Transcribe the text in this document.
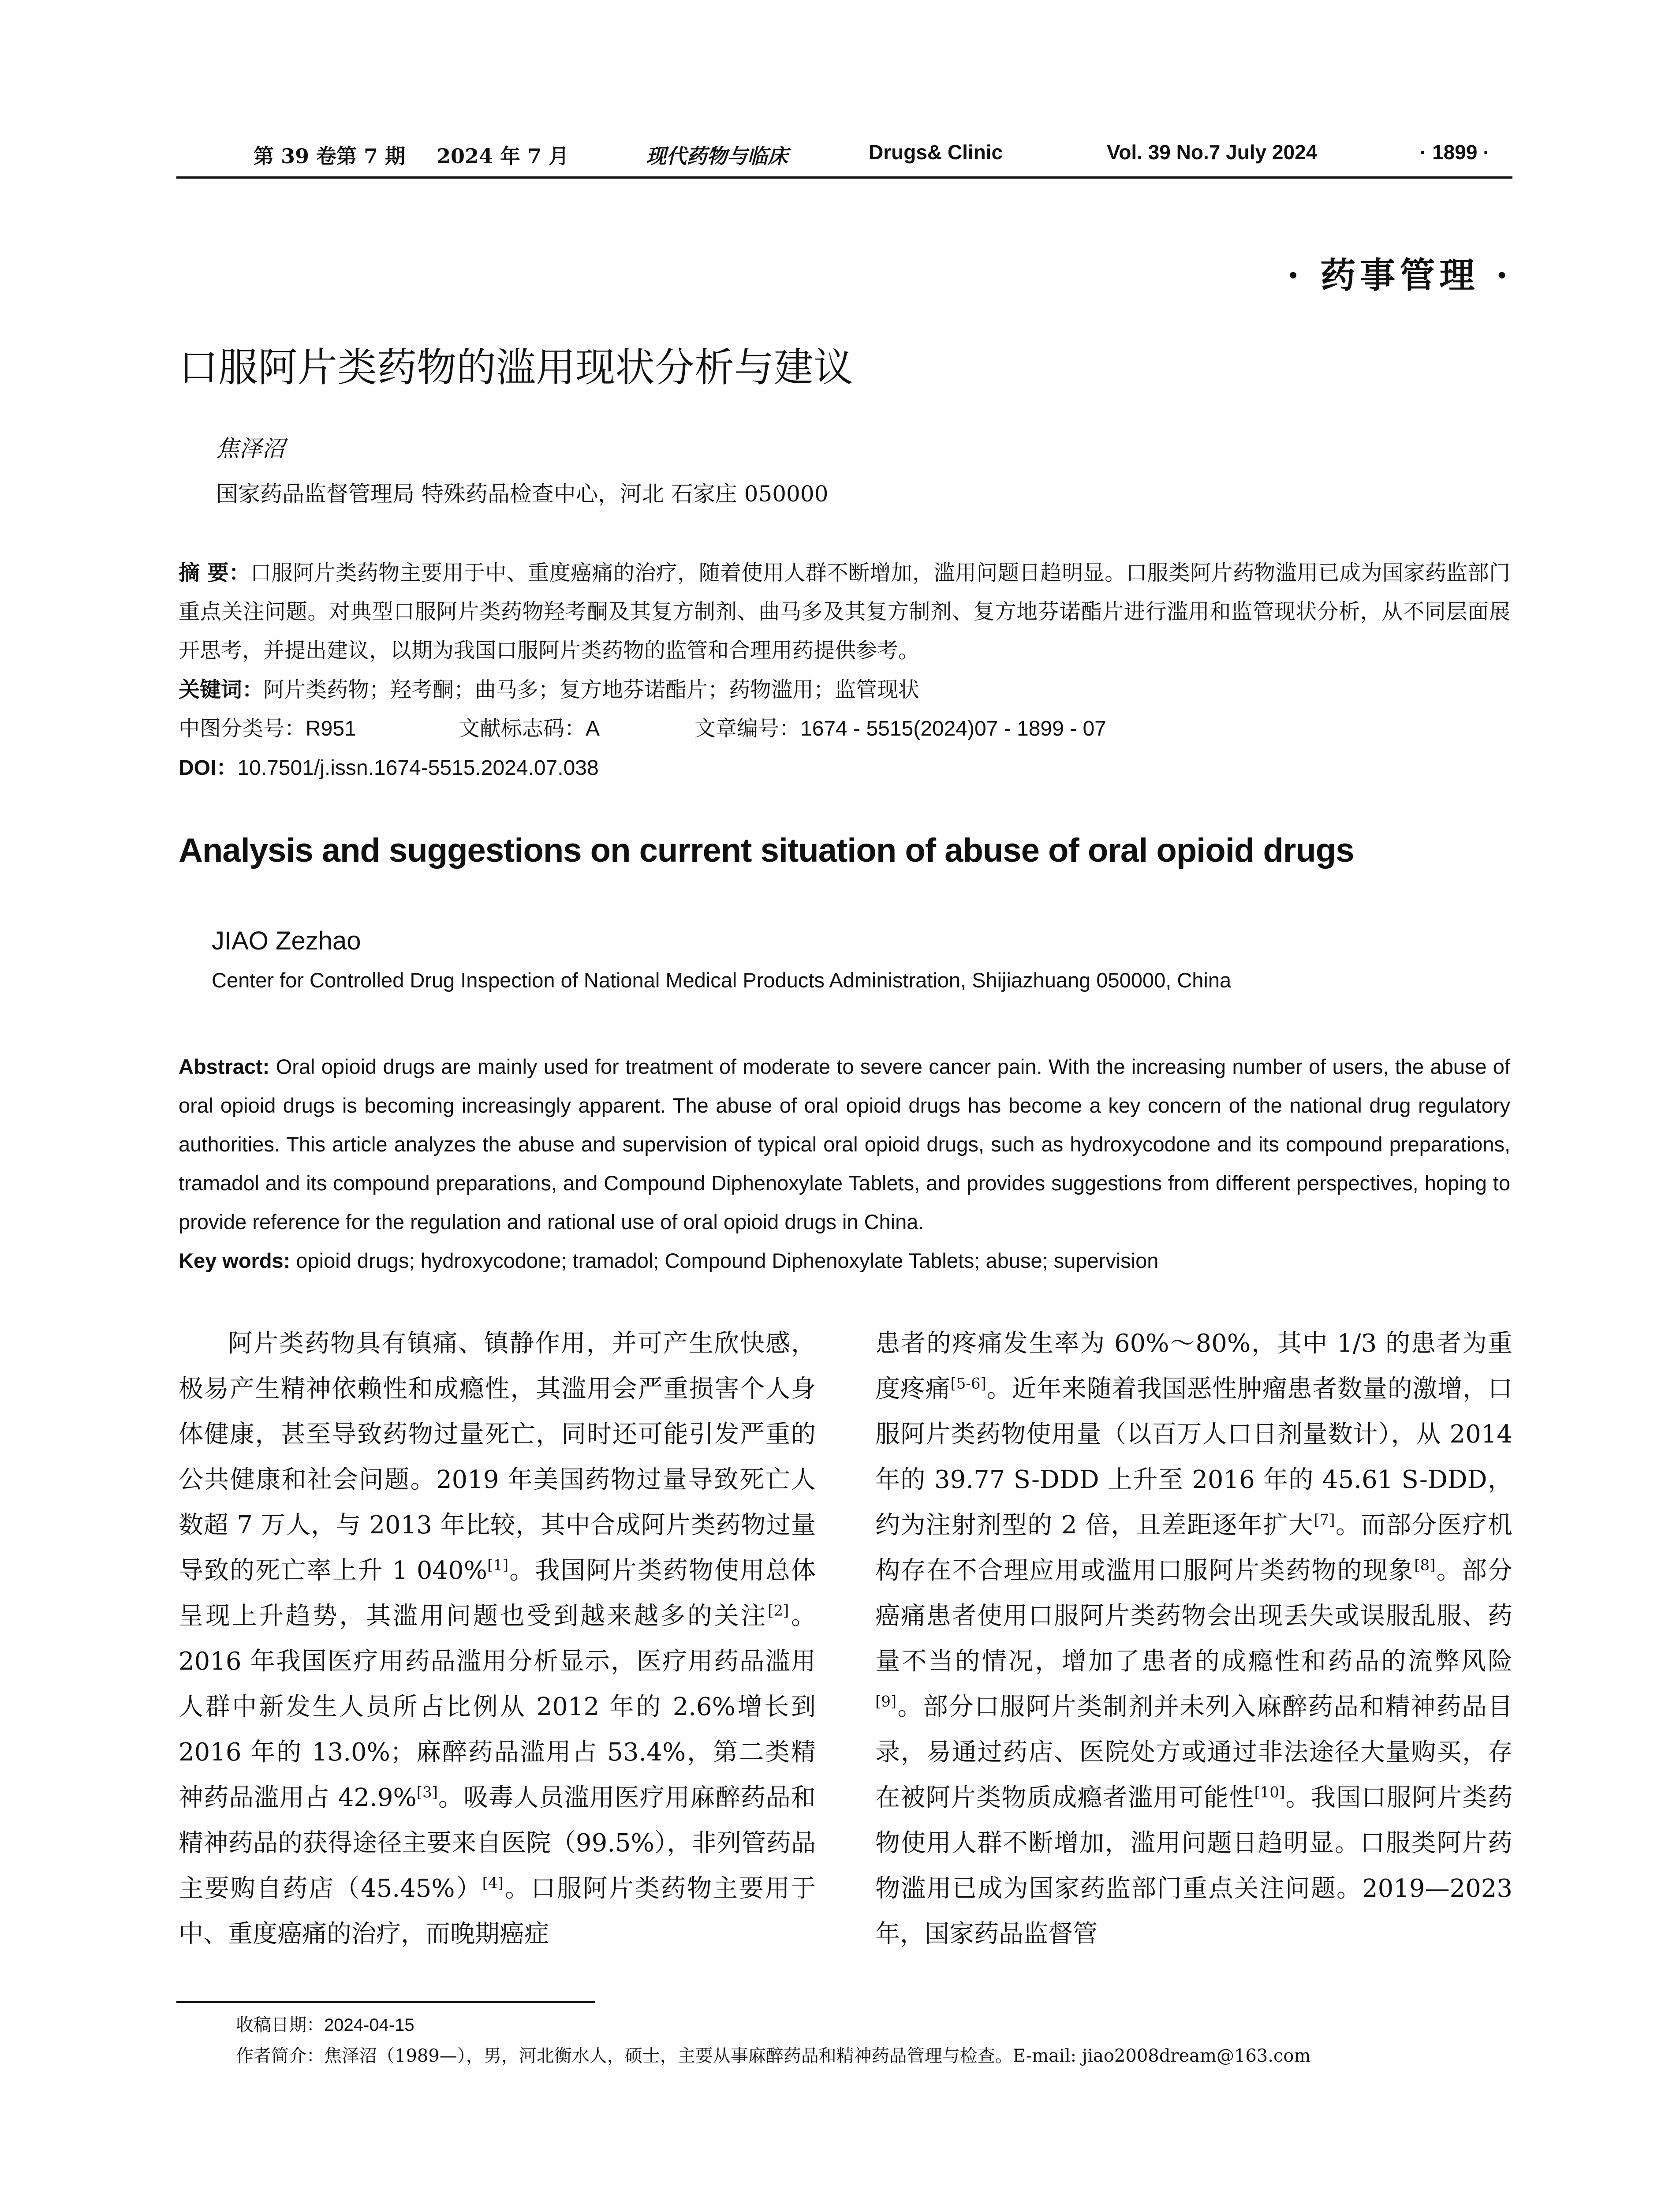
第 39 卷第 7 期 2024 年 7 月	现代药物与临床	Drugs& Clinic	Vol. 39 No.7 July 2024	· 1899 ·
· 药事管理 ·
口服阿片类药物的滥用现状分析与建议
焦泽沼
国家药品监督管理局 特殊药品检查中心，河北 石家庄 050000
摘 要：口服阿片类药物主要用于中、重度癌痛的治疗，随着使用人群不断增加，滥用问题日趋明显。口服类阿片药物滥用已成为国家药监部门重点关注问题。对典型口服阿片类药物羟考酮及其复方制剂、曲马多及其复方制剂、复方地芬诺酯片进行滥用和监管现状分析，从不同层面展开思考，并提出建议，以期为我国口服阿片类药物的监管和合理用药提供参考。
关键词：阿片类药物；羟考酮；曲马多；复方地芬诺酯片；药物滥用；监管现状
中图分类号：R951	文献标志码：A	文章编号：1674 - 5515(2024)07 - 1899 - 07
DOI：10.7501/j.issn.1674-5515.2024.07.038
Analysis and suggestions on current situation of abuse of oral opioid drugs
JIAO Zezhao
Center for Controlled Drug Inspection of National Medical Products Administration, Shijiazhuang 050000, China
Abstract: Oral opioid drugs are mainly used for treatment of moderate to severe cancer pain. With the increasing number of users, the abuse of oral opioid drugs is becoming increasingly apparent. The abuse of oral opioid drugs has become a key concern of the national drug regulatory authorities. This article analyzes the abuse and supervision of typical oral opioid drugs, such as hydroxycodone and its compound preparations, tramadol and its compound preparations, and Compound Diphenoxylate Tablets, and provides suggestions from different perspectives, hoping to provide reference for the regulation and rational use of oral opioid drugs in China.
Key words: opioid drugs; hydroxycodone; tramadol; Compound Diphenoxylate Tablets; abuse; supervision

阿片类药物具有镇痛、镇静作用，并可产生欣快感，极易产生精神依赖性和成瘾性，其滥用会严重损害个人身体健康，甚至导致药物过量死亡，同时还可能引发严重的公共健康和社会问题。2019 年美国药物过量导致死亡人数超 7 万人，与 2013 年比较，其中合成阿片类药物过量导致的死亡率上升 1 040%[1]。我国阿片类药物使用总体呈现上升趋势，其滥用问题也受到越来越多的关注[2]。2016 年我国医疗用药品滥用分析显示，医疗用药品滥用人群中新发生人员所占比例从 2012 年的 2.6%增长到 2016 年的 13.0%；麻醉药品滥用占 53.4%，第二类精神药品滥用占 42.9%[3]。吸毒人员滥用医疗用麻醉药品和精神药品的获得途径主要来自医院（99.5%），非列管药品主要购自药店（45.45%）[4]。口服阿片类药物主要用于中、重度癌痛的治疗，而晚期癌症

患者的疼痛发生率为 60%～80%，其中 1/3 的患者为重度疼痛[5-6]。近年来随着我国恶性肿瘤患者数量的激增，口服阿片类药物使用量（以百万人口日剂量数计），从 2014 年的 39.77 S-DDD 上升至 2016 年的 45.61 S-DDD，约为注射剂型的 2 倍，且差距逐年扩大[7]。而部分医疗机构存在不合理应用或滥用口服阿片类药物的现象[8]。部分癌痛患者使用口服阿片类药物会出现丢失或误服乱服、药量不当的情况，增加了患者的成瘾性和药品的流弊风险[9]。部分口服阿片类制剂并未列入麻醉药品和精神药品目录，易通过药店、医院处方或通过非法途径大量购买，存在被阿片类物质成瘾者滥用可能性[10]。我国口服阿片类药物使用人群不断增加，滥用问题日趋明显。口服类阿片药物滥用已成为国家药监部门重点关注问题。2019—2023 年，国家药品监督管

收稿日期：2024-04-15
作者简介：焦泽沼（1989—），男，河北衡水人，硕士，主要从事麻醉药品和精神药品管理与检查。E-mail: jiao2008dream@163.com
